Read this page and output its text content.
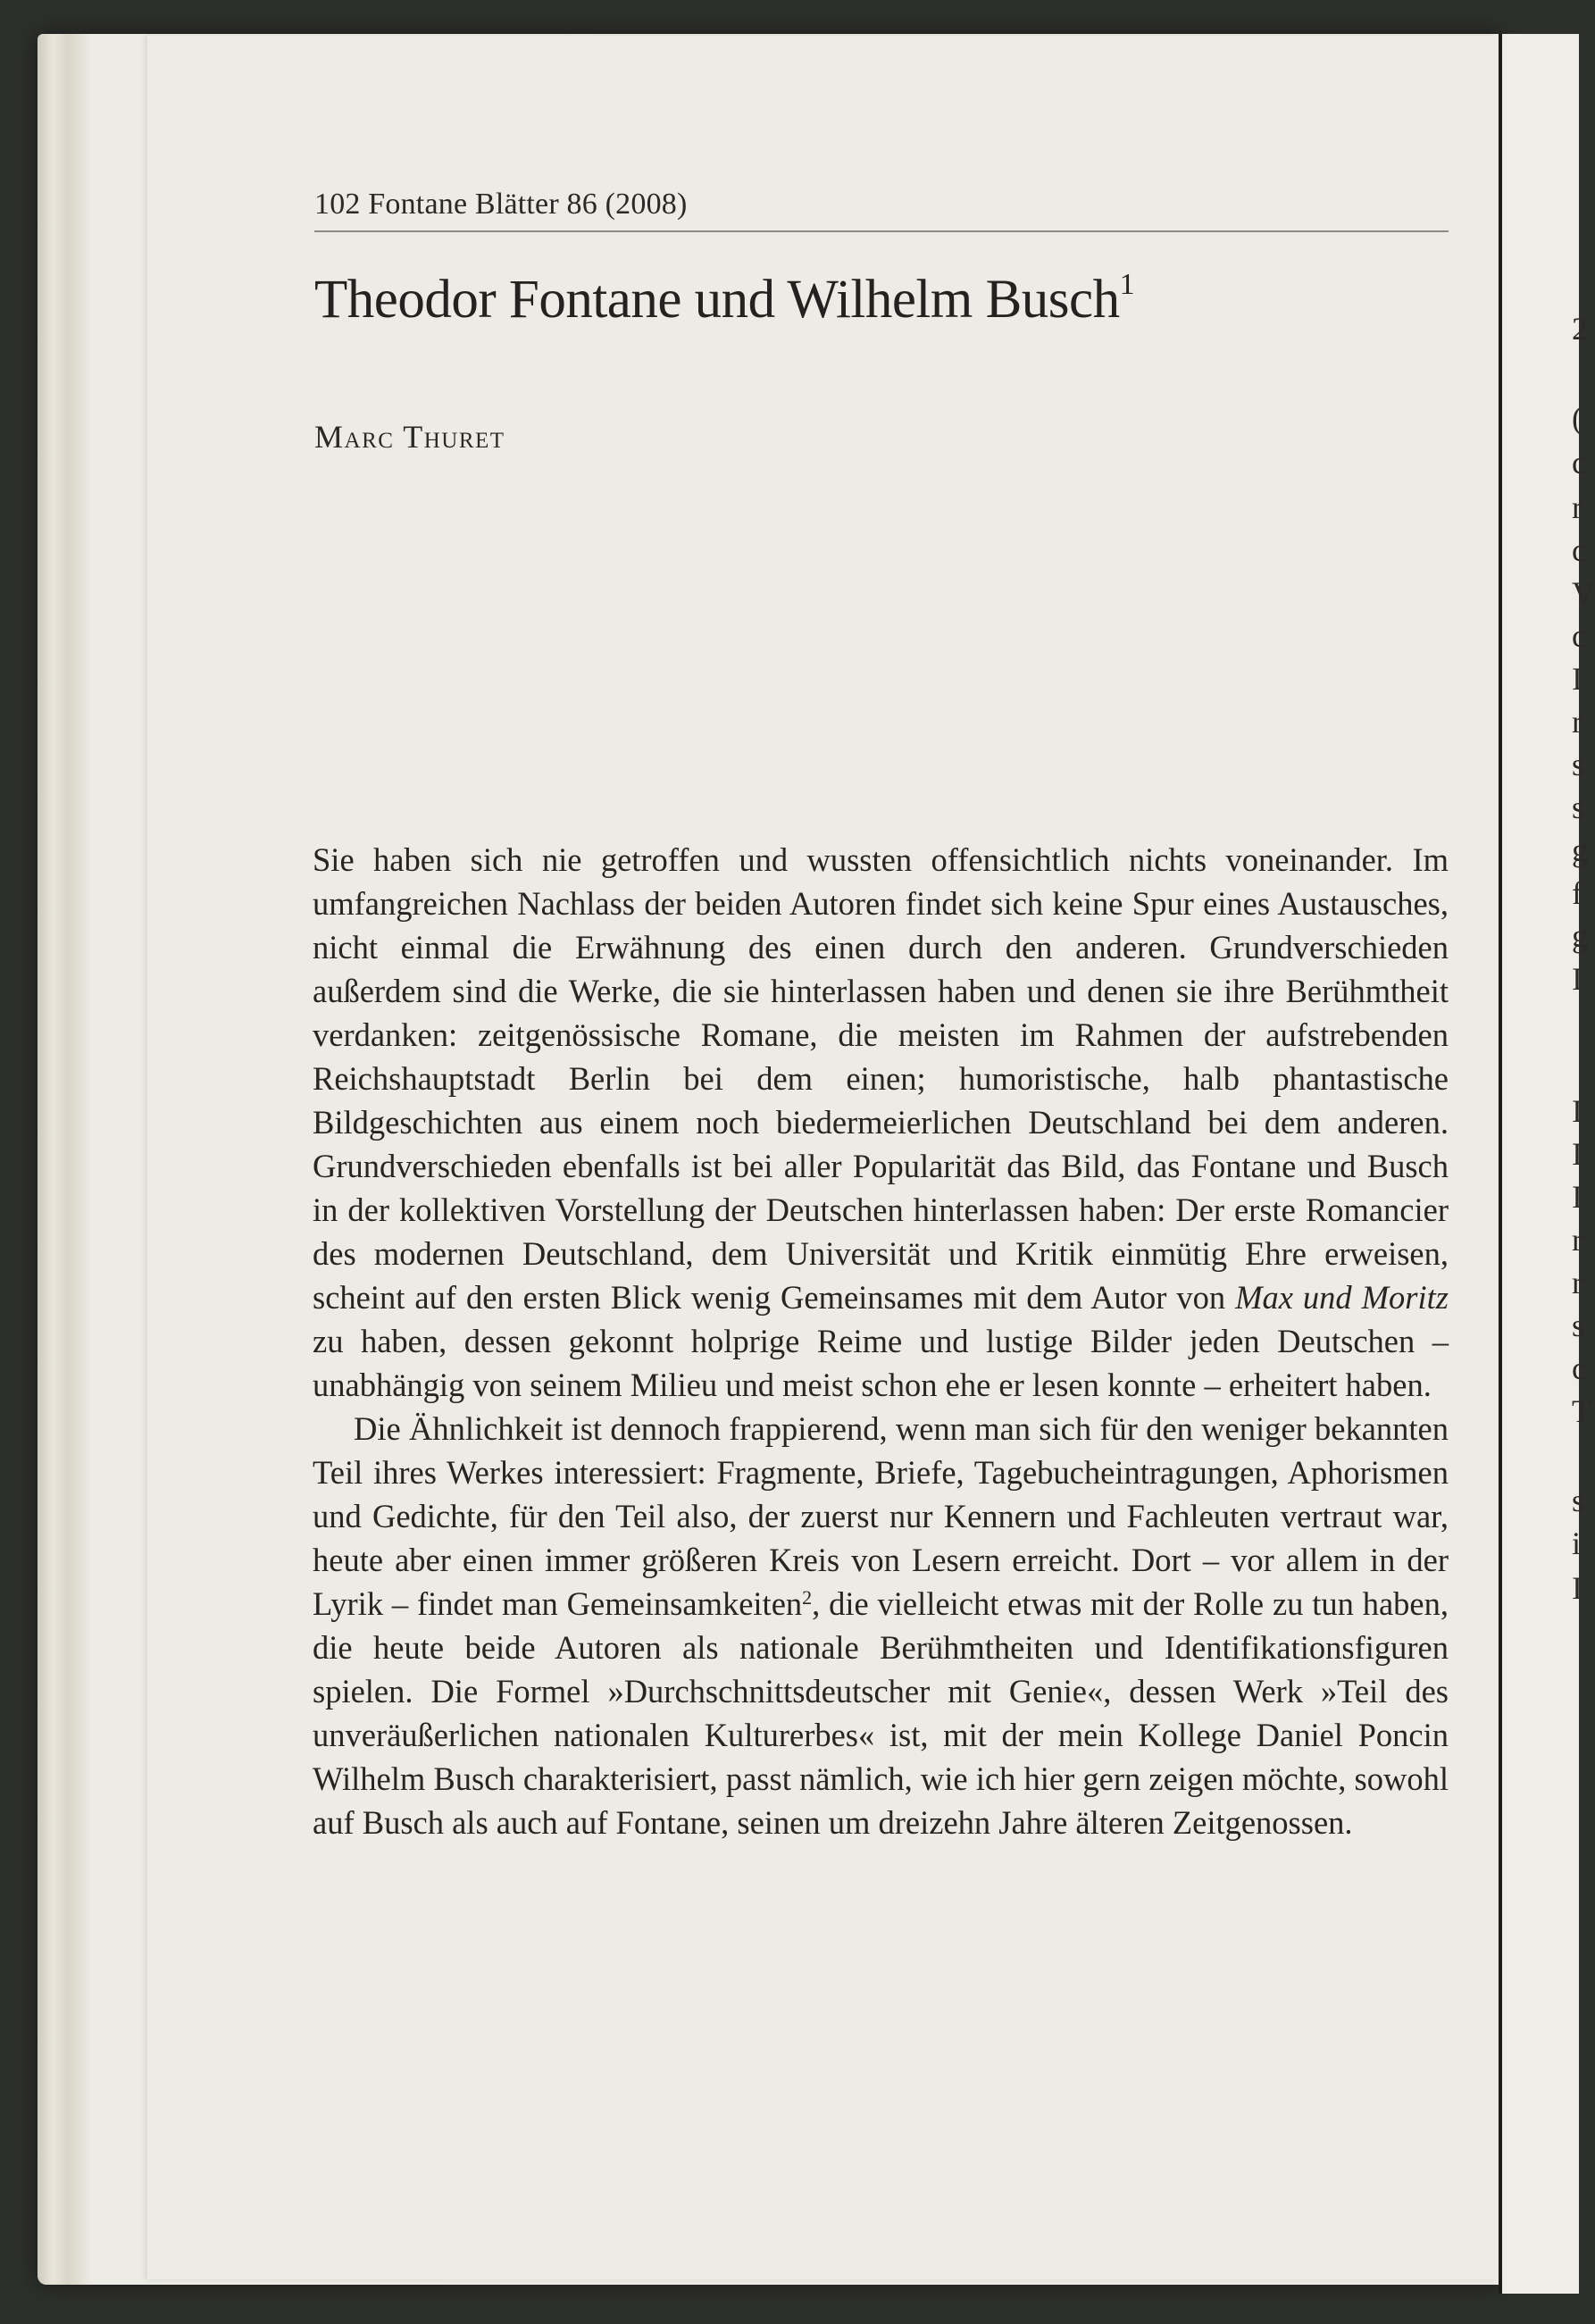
2
(
c
r
c
V
c
I
r
s
s
g
f
g
I
I
I
I
r
r
s
c
T
s
i
I
102 Fontane Blätter 86 (2008)
Theodor Fontane und Wilhelm Busch$^1$
Marc Thuret

Sie haben sich nie getroffen und wussten offensichtlich nichts voneinander. Im umfangreichen Nachlass der beiden Autoren findet sich keine Spur eines Austausches, nicht einmal die Erwähnung des einen durch den anderen. Grundverschieden außerdem sind die Werke, die sie hinterlassen haben und denen sie ihre Berühmtheit verdanken: zeitgenössische Romane, die meisten im Rahmen der aufstrebenden Reichshauptstadt Berlin bei dem einen; humoristische, halb phantastische Bildgeschichten aus einem noch biedermeierlichen Deutschland bei dem anderen. Grundverschieden ebenfalls ist bei aller Popularität das Bild, das Fontane und Busch in der kollektiven Vorstellung der Deutschen hinterlassen haben: Der erste Romancier des modernen Deutschland, dem Universität und Kritik einmütig Ehre erweisen, scheint auf den ersten Blick wenig Gemeinsames mit dem Autor von Max und Moritz zu haben, dessen gekonnt holprige Reime und lustige Bilder jeden Deutschen – unabhängig von seinem Milieu und meist schon ehe er lesen konnte – erheitert haben.

Die Ähnlichkeit ist dennoch frappierend, wenn man sich für den weniger bekannten Teil ihres Werkes interessiert: Fragmente, Briefe, Tagebucheintragungen, Aphorismen und Gedichte, für den Teil also, der zuerst nur Kennern und Fachleuten vertraut war, heute aber einen immer größeren Kreis von Lesern erreicht. Dort – vor allem in der Lyrik – findet man Gemeinsamkeiten$^2$, die vielleicht etwas mit der Rolle zu tun haben, die heute beide Autoren als nationale Berühmtheiten und Identifikationsfiguren spielen. Die Formel »Durchschnittsdeutscher mit Genie«, dessen Werk »Teil des unveräußerlichen nationalen Kulturerbes« ist, mit der mein Kollege Daniel Poncin Wilhelm Busch charakterisiert, passt nämlich, wie ich hier gern zeigen möchte, sowohl auf Busch als auch auf Fontane, seinen um dreizehn Jahre älteren Zeitgenossen.
